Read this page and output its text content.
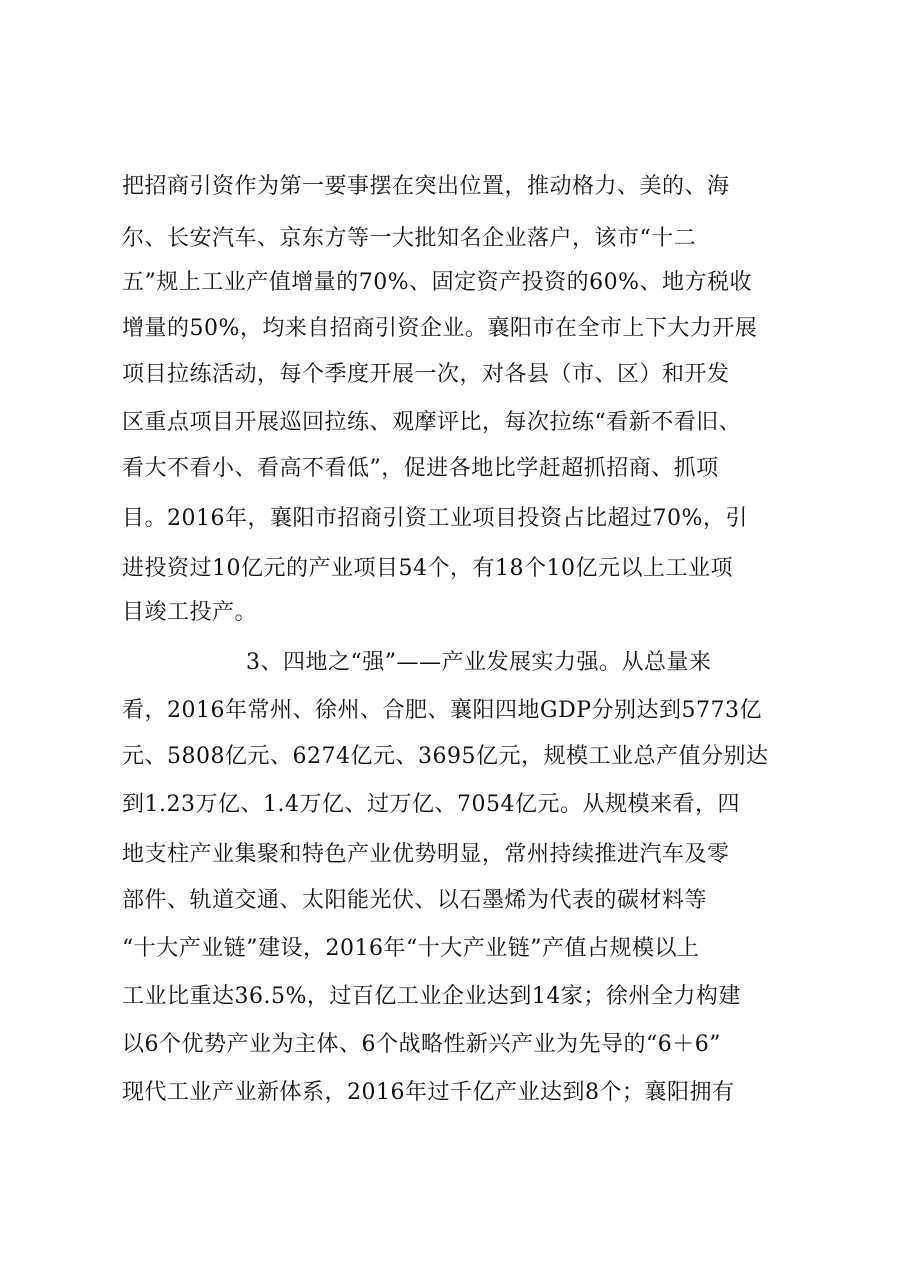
把招商引资作为第一要事摆在突出位置，推动格力、美的、海
尔、长安汽车、京东方等一大批知名企业落户，该市“十二
五”规上工业产值增量的70%、固定资产投资的60%、地方税收
增量的50%，均来自招商引资企业。襄阳市在全市上下大力开展
项目拉练活动，每个季度开展一次，对各县（市、区）和开发
区重点项目开展巡回拉练、观摩评比，每次拉练“看新不看旧、
看大不看小、看高不看低”，促进各地比学赶超抓招商、抓项
目。2016年，襄阳市招商引资工业项目投资占比超过70%，引
进投资过10亿元的产业项目54个，有18个10亿元以上工业项
目竣工投产。
3、四地之“强”——产业发展实力强。从总量来
看，2016年常州、徐州、合肥、襄阳四地GDP分别达到5773亿
元、5808亿元、6274亿元、3695亿元，规模工业总产值分别达
到1.23万亿、1.4万亿、过万亿、7054亿元。从规模来看，四
地支柱产业集聚和特色产业优势明显，常州持续推进汽车及零
部件、轨道交通、太阳能光伏、以石墨烯为代表的碳材料等
“十大产业链”建设，2016年“十大产业链”产值占规模以上
工业比重达36.5%，过百亿工业企业达到14家；徐州全力构建
以6个优势产业为主体、6个战略性新兴产业为先导的“6＋6”
现代工业产业新体系，2016年过千亿产业达到8个；襄阳拥有
